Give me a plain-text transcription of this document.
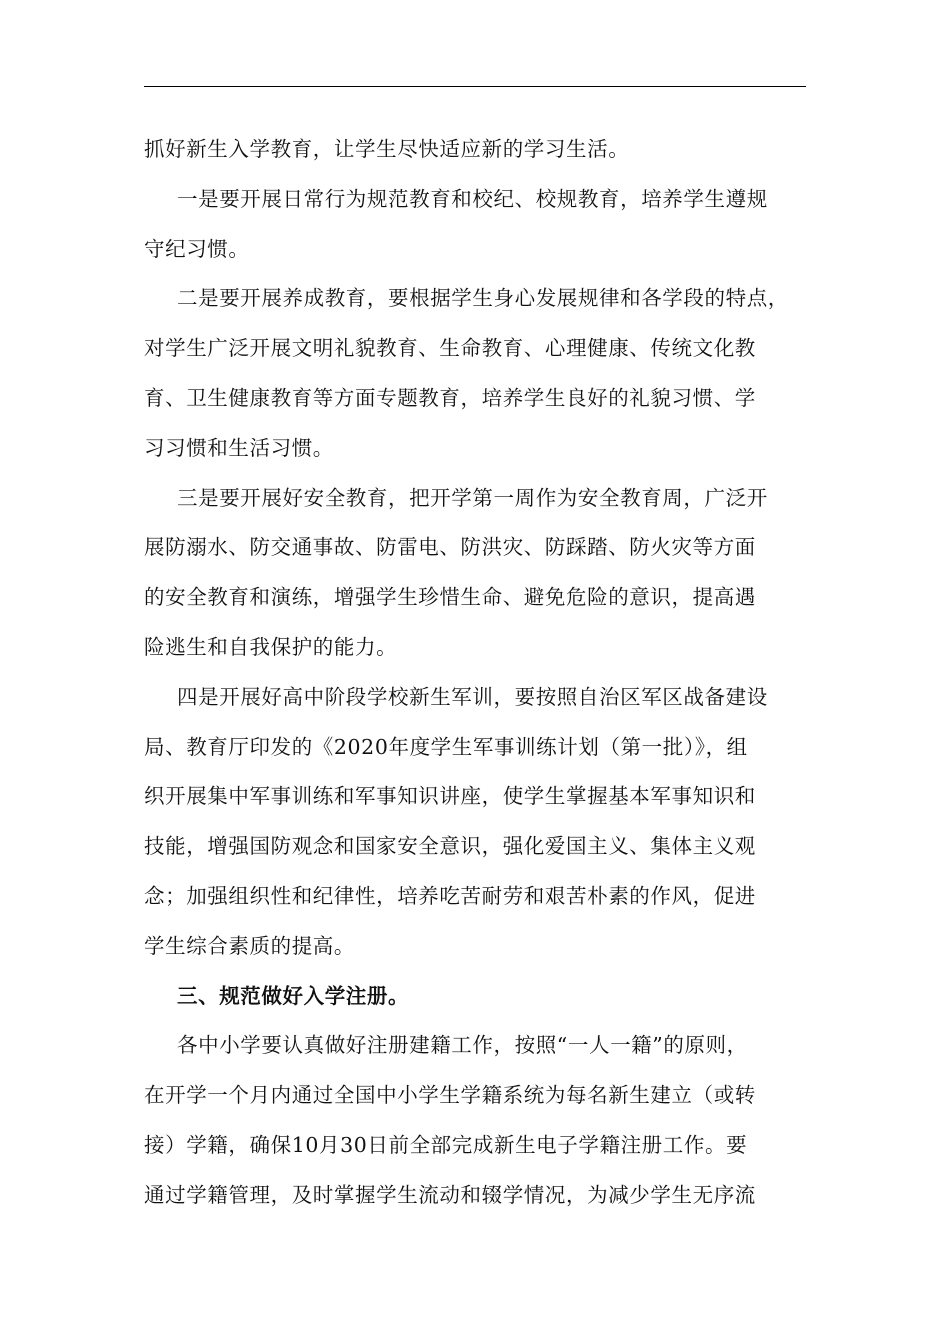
抓好新生入学教育，让学生尽快适应新的学习生活。
一是要开展日常行为规范教育和校纪、校规教育，培养学生遵规
守纪习惯。
二是要开展养成教育，要根据学生身心发展规律和各学段的特点，
对学生广泛开展文明礼貌教育、生命教育、心理健康、传统文化教
育、卫生健康教育等方面专题教育，培养学生良好的礼貌习惯、学
习习惯和生活习惯。
三是要开展好安全教育，把开学第一周作为安全教育周，广泛开
展防溺水、防交通事故、防雷电、防洪灾、防踩踏、防火灾等方面
的安全教育和演练，增强学生珍惜生命、避免危险的意识，提高遇
险逃生和自我保护的能力。
四是开展好高中阶段学校新生军训，要按照自治区军区战备建设
局、教育厅印发的《2020年度学生军事训练计划（第一批）》，组
织开展集中军事训练和军事知识讲座，使学生掌握基本军事知识和
技能，增强国防观念和国家安全意识，强化爱国主义、集体主义观
念；加强组织性和纪律性，培养吃苦耐劳和艰苦朴素的作风，促进
学生综合素质的提高。
三、规范做好入学注册。
各中小学要认真做好注册建籍工作，按照“一人一籍”的原则，
在开学一个月内通过全国中小学生学籍系统为每名新生建立（或转
接）学籍，确保10月30日前全部完成新生电子学籍注册工作。要
通过学籍管理，及时掌握学生流动和辍学情况，为减少学生无序流
